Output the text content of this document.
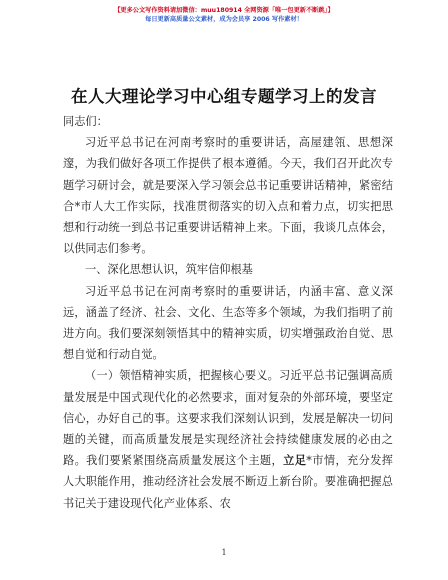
【更多公文写作资料请加微信：muu180914 全网资源「唯一包更新不断跳」】
每日更新高质量公文素材，成为会员享 2006 写作素材！
在人大理论学习中心组专题学习上的发言

同志们：

习近平总书记在河南考察时的重要讲话，高屋建瓴、思想深邃，为我们做好各项工作提供了根本遵循。今天，我们召开此次专题学习研讨会，就是要深入学习领会总书记重要讲话精神，紧密结合*市人大工作实际，找准贯彻落实的切入点和着力点，切实把思想和行动统一到总书记重要讲话精神上来。下面，我谈几点体会，以供同志们参考。

一、深化思想认识，筑牢信仰根基

习近平总书记在河南考察时的重要讲话，内涵丰富、意义深远，涵盖了经济、社会、文化、生态等多个领域，为我们指明了前进方向。我们要深刻领悟其中的精神实质，切实增强政治自觉、思想自觉和行动自觉。

（一）领悟精神实质，把握核心要义。习近平总书记强调高质量发展是中国式现代化的必然要求，面对复杂的外部环境，要坚定信心，办好自己的事。这要求我们深刻认识到，发展是解决一切问题的关键，而高质量发展是实现经济社会持续健康发展的必由之路。我们要紧紧围绕高质量发展这个主题，立足*市情，充分发挥人大职能作用，推动经济社会发展不断迈上新台阶。要准确把握总书记关于建设现代化产业体系、农

1
